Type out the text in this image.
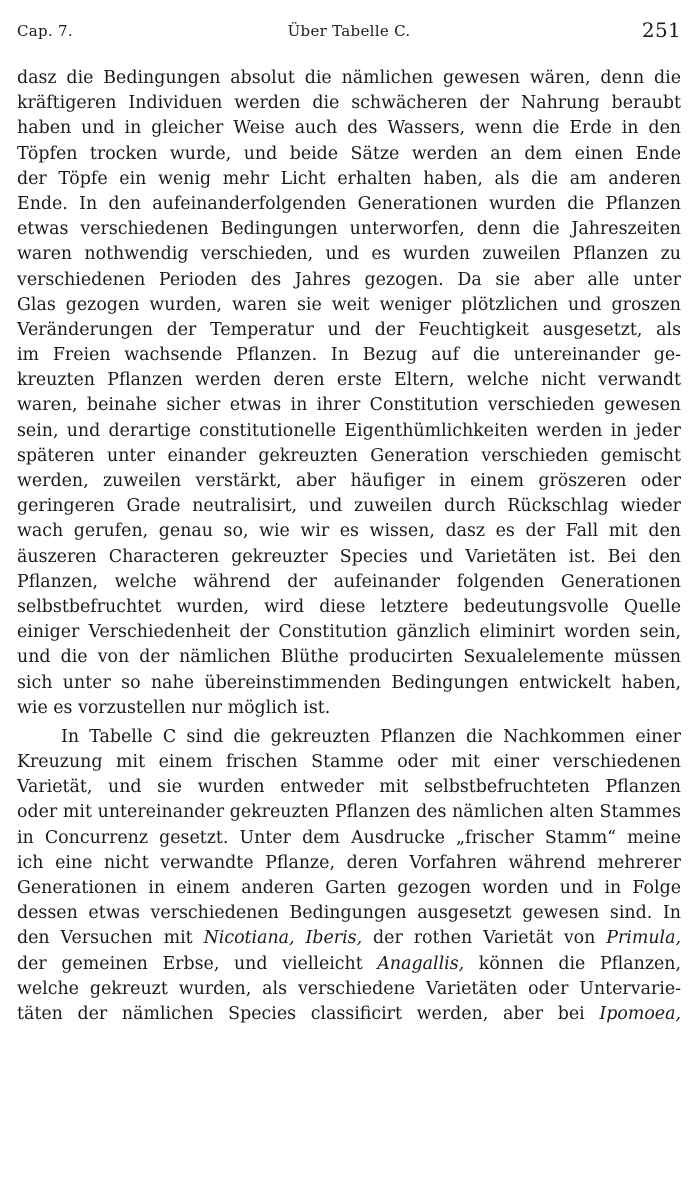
Cap. 7.	Über Tabelle C.	251
dasz die Bedingungen absolut die nämlichen gewesen wären, denn die
kräftigeren Individuen werden die schwächeren der Nahrung beraubt
haben und in gleicher Weise auch des Wassers, wenn die Erde in den
Töpfen trocken wurde, und beide Sätze werden an dem einen Ende
der Töpfe ein wenig mehr Licht erhalten haben, als die am anderen
Ende. In den aufeinanderfolgenden Generationen wurden die Pflanzen
etwas verschiedenen Bedingungen unterworfen, denn die Jahreszeiten
waren nothwendig verschieden, und es wurden zuweilen Pflanzen zu
verschiedenen Perioden des Jahres gezogen. Da sie aber alle unter
Glas gezogen wurden, waren sie weit weniger plötzlichen und groszen
Veränderungen der Temperatur und der Feuchtigkeit ausgesetzt, als
im Freien wachsende Pflanzen. In Bezug auf die untereinander ge-
kreuzten Pflanzen werden deren erste Eltern, welche nicht verwandt
waren, beinahe sicher etwas in ihrer Constitution verschieden gewesen
sein, und derartige constitutionelle Eigenthümlichkeiten werden in jeder
späteren unter einander gekreuzten Generation verschieden gemischt
werden, zuweilen verstärkt, aber häufiger in einem gröszeren oder
geringeren Grade neutralisirt, und zuweilen durch Rückschlag wieder
wach gerufen, genau so, wie wir es wissen, dasz es der Fall mit den
äuszeren Characteren gekreuzter Species und Varietäten ist. Bei den
Pflanzen, welche während der aufeinander folgenden Generationen
selbstbefruchtet wurden, wird diese letztere bedeutungsvolle Quelle
einiger Verschiedenheit der Constitution gänzlich eliminirt worden sein,
und die von der nämlichen Blüthe producirten Sexualelemente müssen
sich unter so nahe übereinstimmenden Bedingungen entwickelt haben,
wie es vorzustellen nur möglich ist.
In Tabelle C sind die gekreuzten Pflanzen die Nachkommen einer
Kreuzung mit einem frischen Stamme oder mit einer verschiedenen
Varietät, und sie wurden entweder mit selbstbefruchteten Pflanzen
oder mit untereinander gekreuzten Pflanzen des nämlichen alten Stammes
in Concurrenz gesetzt. Unter dem Ausdrucke „frischer Stamm“ meine
ich eine nicht verwandte Pflanze, deren Vorfahren während mehrerer
Generationen in einem anderen Garten gezogen worden und in Folge
dessen etwas verschiedenen Bedingungen ausgesetzt gewesen sind. In
den Versuchen mit Nicotiana, Iberis, der rothen Varietät von Primula,
der gemeinen Erbse, und vielleicht Anagallis, können die Pflanzen,
welche gekreuzt wurden, als verschiedene Varietäten oder Untervarie-
täten der nämlichen Species classificirt werden, aber bei Ipomoea,
